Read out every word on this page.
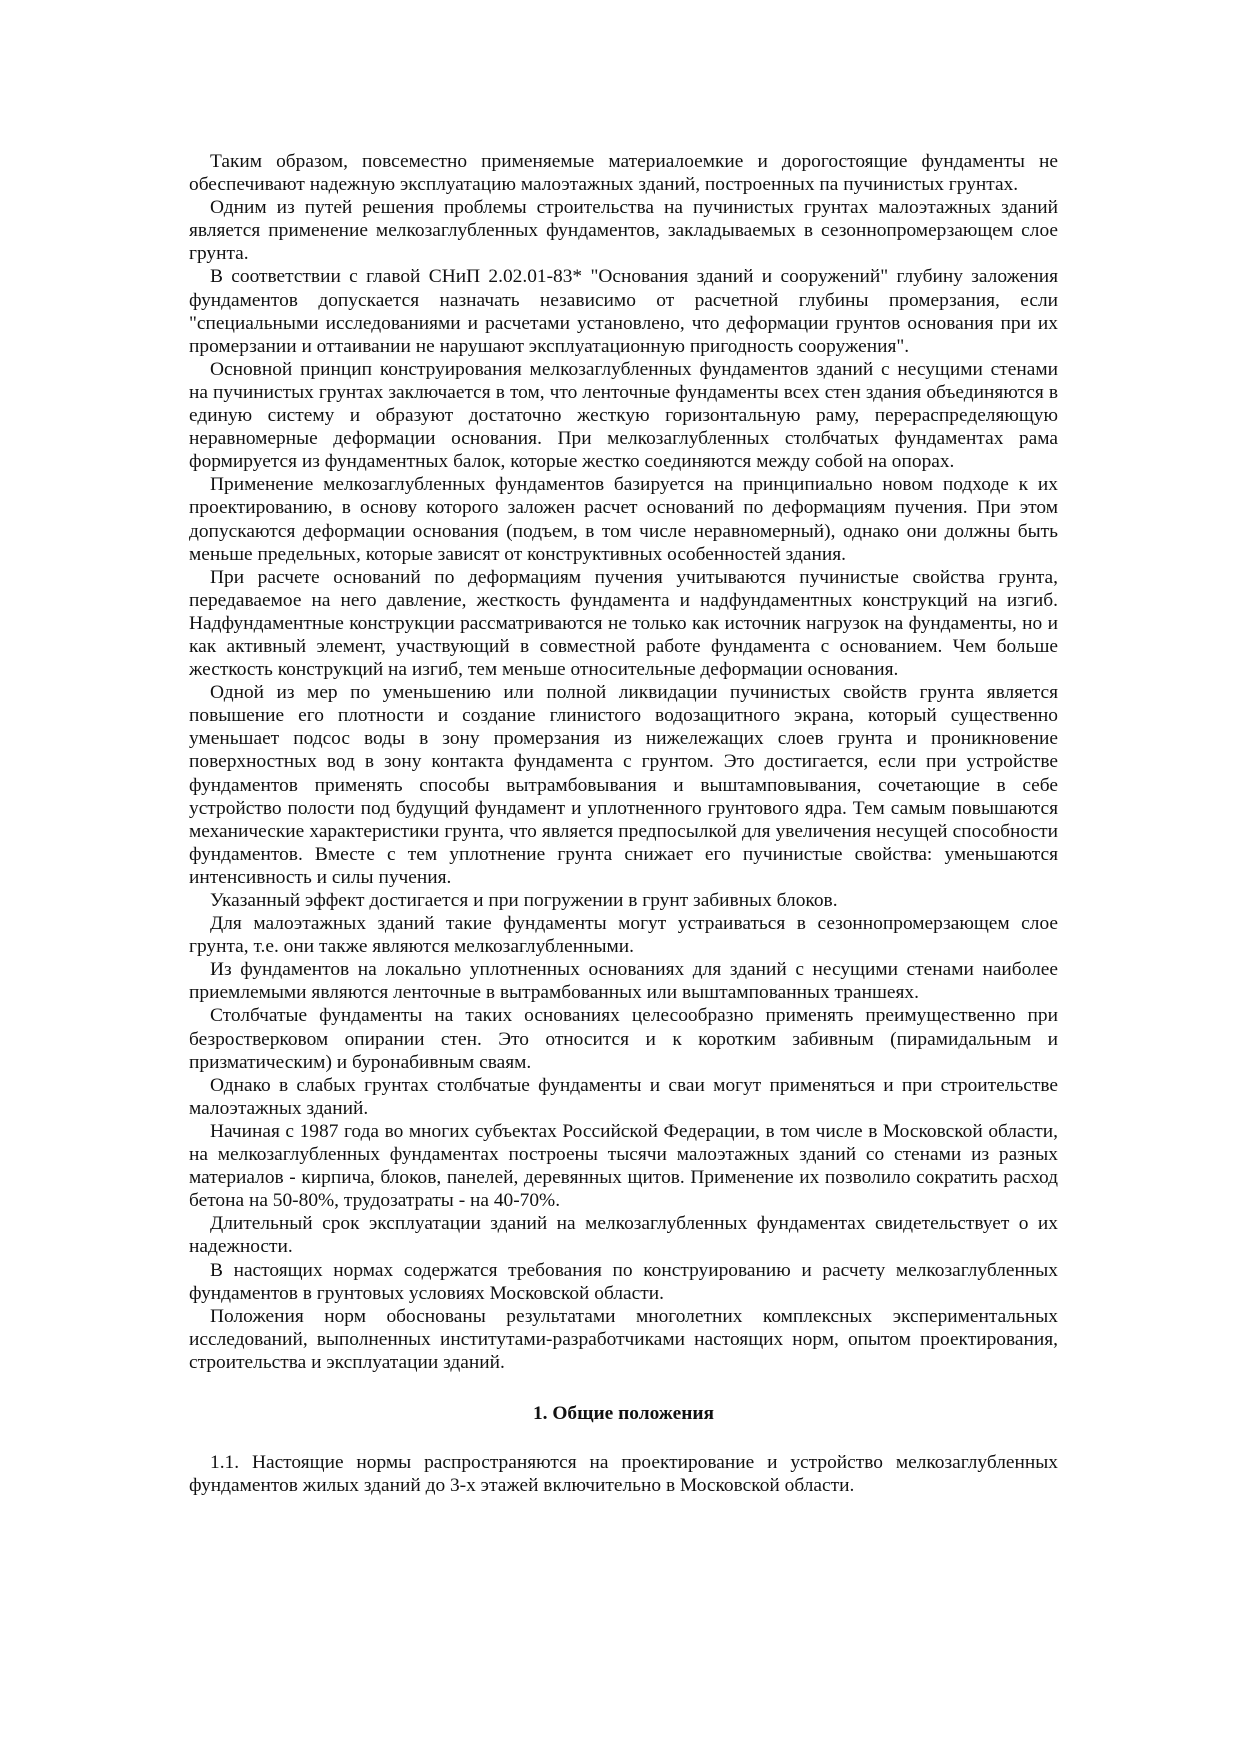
Таким образом, повсеместно применяемые материалоемкие и дорогостоящие фундаменты не обеспечивают надежную эксплуатацию малоэтажных зданий, построенных па пучинистых грунтах.

Одним из путей решения проблемы строительства на пучинистых грунтах малоэтажных зданий является применение мелкозаглубленных фундаментов, закладываемых в сезоннопромерзающем слое грунта.

В соответствии с главой СНиП 2.02.01-83* "Основания зданий и сооружений" глубину заложения фундаментов допускается назначать независимо от расчетной глубины промерзания, если "специальными исследованиями и расчетами установлено, что деформации грунтов основания при их промерзании и оттаивании не нарушают эксплуатационную пригодность сооружения".

Основной принцип конструирования мелкозаглубленных фундаментов зданий с несущими стенами на пучинистых грунтах заключается в том, что ленточные фундаменты всех стен здания объединяются в единую систему и образуют достаточно жесткую горизонтальную раму, перераспределяющую неравномерные деформации основания. При мелкозаглубленных столбчатых фундаментах рама формируется из фундаментных балок, которые жестко соединяются между собой на опорах.

Применение мелкозаглубленных фундаментов базируется на принципиально новом подходе к их проектированию, в основу которого заложен расчет оснований по деформациям пучения. При этом допускаются деформации основания (подъем, в том числе неравномерный), однако они должны быть меньше предельных, которые зависят от конструктивных особенностей здания.

При расчете оснований по деформациям пучения учитываются пучинистые свойства грунта, передаваемое на него давление, жесткость фундамента и надфундаментных конструкций на изгиб. Надфундаментные конструкции рассматриваются не только как источник нагрузок на фундаменты, но и как активный элемент, участвующий в совместной работе фундамента с основанием. Чем больше жесткость конструкций на изгиб, тем меньше относительные деформации основания.

Одной из мер по уменьшению или полной ликвидации пучинистых свойств грунта является повышение его плотности и создание глинистого водозащитного экрана, который существенно уменьшает подсос воды в зону промерзания из нижележащих слоев грунта и проникновение поверхностных вод в зону контакта фундамента с грунтом. Это достигается, если при устройстве фундаментов применять способы вытрамбовывания и выштамповывания, сочетающие в себе устройство полости под будущий фундамент и уплотненного грунтового ядра. Тем самым повышаются механические характеристики грунта, что является предпосылкой для увеличения несущей способности фундаментов. Вместе с тем уплотнение грунта снижает его пучинистые свойства: уменьшаются интенсивность и силы пучения.

Указанный эффект достигается и при погружении в грунт забивных блоков.

Для малоэтажных зданий такие фундаменты могут устраиваться в сезоннопромерзающем слое грунта, т.е. они также являются мелкозаглубленными.

Из фундаментов на локально уплотненных основаниях для зданий с несущими стенами наиболее приемлемыми являются ленточные в вытрамбованных или выштампованных траншеях.

Столбчатые фундаменты на таких основаниях целесообразно применять преимущественно при безростверковом опирании стен. Это относится и к коротким забивным (пирамидальным и призматическим) и буронабивным сваям.

Однако в слабых грунтах столбчатые фундаменты и сваи могут применяться и при строительстве малоэтажных зданий.

Начиная с 1987 года во многих субъектах Российской Федерации, в том числе в Московской области, на мелкозаглубленных фундаментах построены тысячи малоэтажных зданий со стенами из разных материалов - кирпича, блоков, панелей, деревянных щитов. Применение их позволило сократить расход бетона на 50-80%, трудозатраты - на 40-70%.

Длительный срок эксплуатации зданий на мелкозаглубленных фундаментах свидетельствует о их надежности.

В настоящих нормах содержатся требования по конструированию и расчету мелкозаглубленных фундаментов в грунтовых условиях Московской области.

Положения норм обоснованы результатами многолетних комплексных экспериментальных исследований, выполненных институтами-разработчиками настоящих норм, опытом проектирования, строительства и эксплуатации зданий.

1. Общие положения

1.1. Настоящие нормы распространяются на проектирование и устройство мелкозаглубленных фундаментов жилых зданий до 3-х этажей включительно в Московской области.
